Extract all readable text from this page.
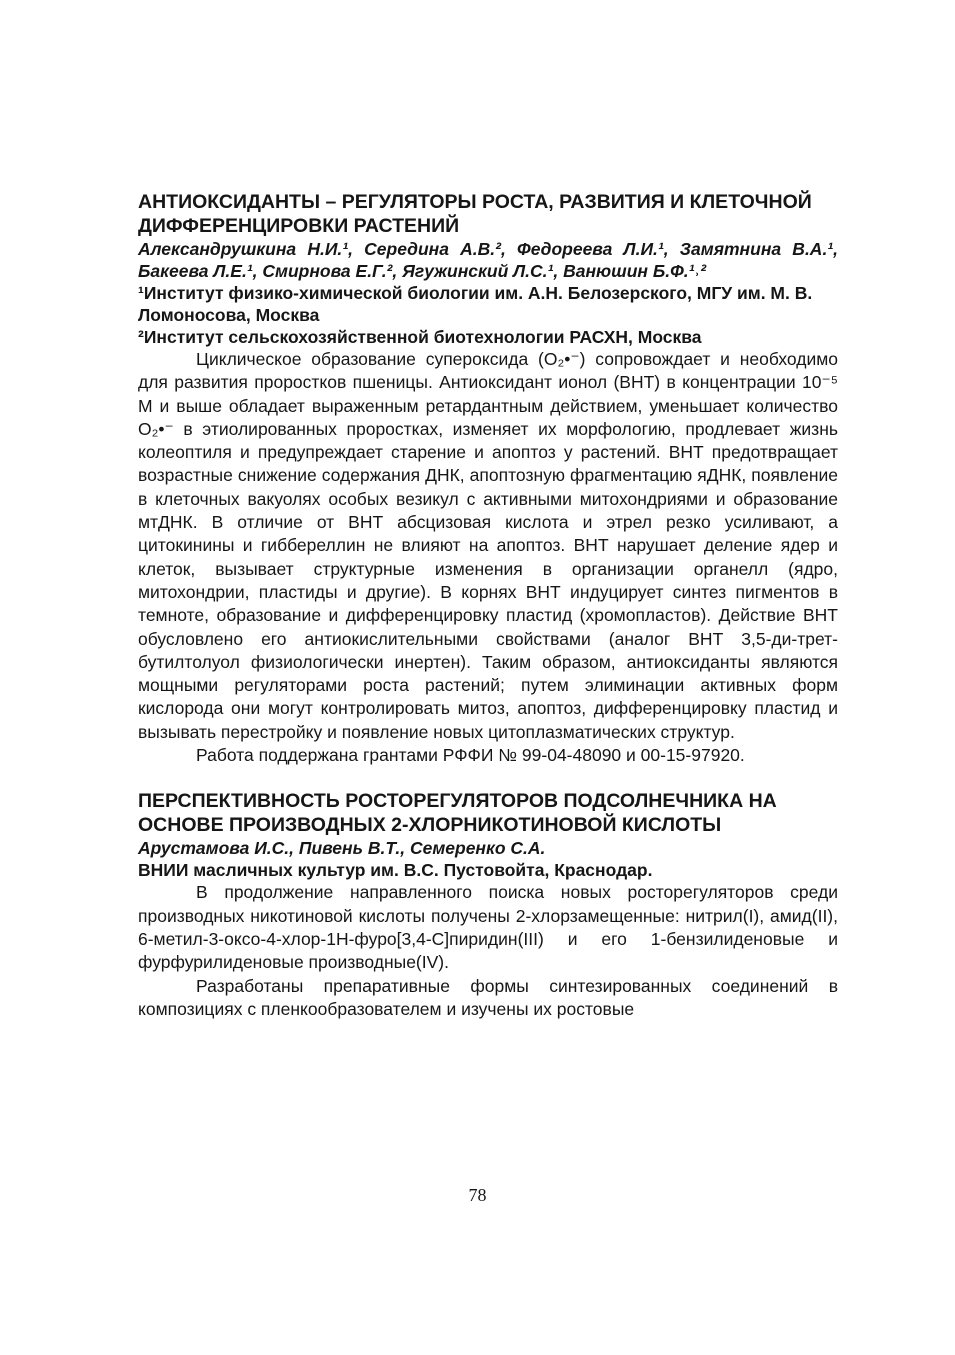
АНТИОКСИДАНТЫ – РЕГУЛЯТОРЫ РОСТА, РАЗВИТИЯ И КЛЕТОЧНОЙ ДИФФЕРЕНЦИРОВКИ РАСТЕНИЙ

Александрушкина Н.И.¹, Середина А.В.², Федореева Л.И.¹, Замятнина В.А.¹, Бакеева Л.Е.¹, Смирнова Е.Г.², Ягужинский Л.С.¹, Ванюшин Б.Ф.¹˒²

¹Институт физико-химической биологии им. А.Н. Белозерского, МГУ им. М. В. Ломоносова, Москва

²Институт сельскохозяйственной биотехнологии РАСХН, Москва

Циклическое образование супероксида (O₂•⁻) сопровождает и необходимо для развития проростков пшеницы. Антиоксидант ионол (ВНТ) в концентрации 10⁻⁵ М и выше обладает выраженным ретардантным действием, уменьшает количество O₂•⁻ в этиолированных проростках, изменяет их морфологию, продлевает жизнь колеоптиля и предупреждает старение и апоптоз у растений. ВНТ предотвращает возрастные снижение содержания ДНК, апоптозную фрагментацию яДНК, появление в клеточных вакуолях особых везикул с активными митохондриями и образование мтДНК. В отличие от ВНТ абсцизовая кислота и этрел резко усиливают, а цитокинины и гиббереллин не влияют на апоптоз. ВНТ нарушает деление ядер и клеток, вызывает структурные изменения в организации органелл (ядро, митохондрии, пластиды и другие). В корнях ВНТ индуцирует синтез пигментов в темноте, образование и дифференцировку пластид (хромопластов). Действие ВНТ обусловлено его антиокислительными свойствами (аналог ВНТ 3,5-ди-трет-бутилтолуол физиологически инертен). Таким образом, антиоксиданты являются мощными регуляторами роста растений; путем элиминации активных форм кислорода они могут контролировать митоз, апоптоз, дифференцировку пластид и вызывать перестройку и появление новых цитоплазматических структур.

Работа поддержана грантами РФФИ № 99-04-48090 и 00-15-97920.

ПЕРСПЕКТИВНОСТЬ РОСТОРЕГУЛЯТОРОВ ПОДСОЛНЕЧНИКА НА ОСНОВЕ ПРОИЗВОДНЫХ 2-ХЛОРНИКОТИНОВОЙ КИСЛОТЫ

Арустамова И.С., Пивень В.Т., Семеренко С.А.

ВНИИ масличных культур им. В.С. Пустовойта, Краснодар.

В продолжение направленного поиска новых росторегуляторов среди производных никотиновой кислоты получены 2-хлорзамещенные: нитрил(I), амид(II), 6-метил-3-оксо-4-хлор-1Н-фуро[3,4-C]пиридин(III) и его 1-бензилиденовые и фурфурилиденовые производные(IV).

Разработаны препаративные формы синтезированных соединений в композициях с пленкообразователем и изучены их ростовые

78
